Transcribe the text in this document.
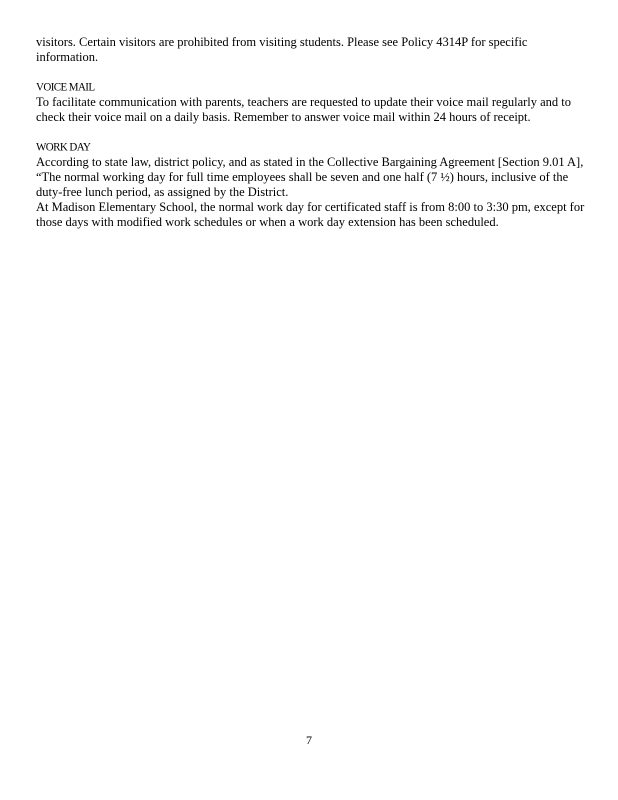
visitors. Certain visitors are prohibited from visiting students. Please see Policy 4314P for specific information.

VOICE MAIL

To facilitate communication with parents, teachers are requested to update their voice mail regularly and to check their voice mail on a daily basis. Remember to answer voice mail within 24 hours of receipt.

WORK DAY

According to state law, district policy, and as stated in the Collective Bargaining Agreement [Section 9.01 A], “The normal working day for full time employees shall be seven and one half (7 ½) hours, inclusive of the duty-free lunch period, as assigned by the District.

At Madison Elementary School, the normal work day for certificated staff is from 8:00 to 3:30 pm, except for those days with modified work schedules or when a work day extension has been scheduled.

7
